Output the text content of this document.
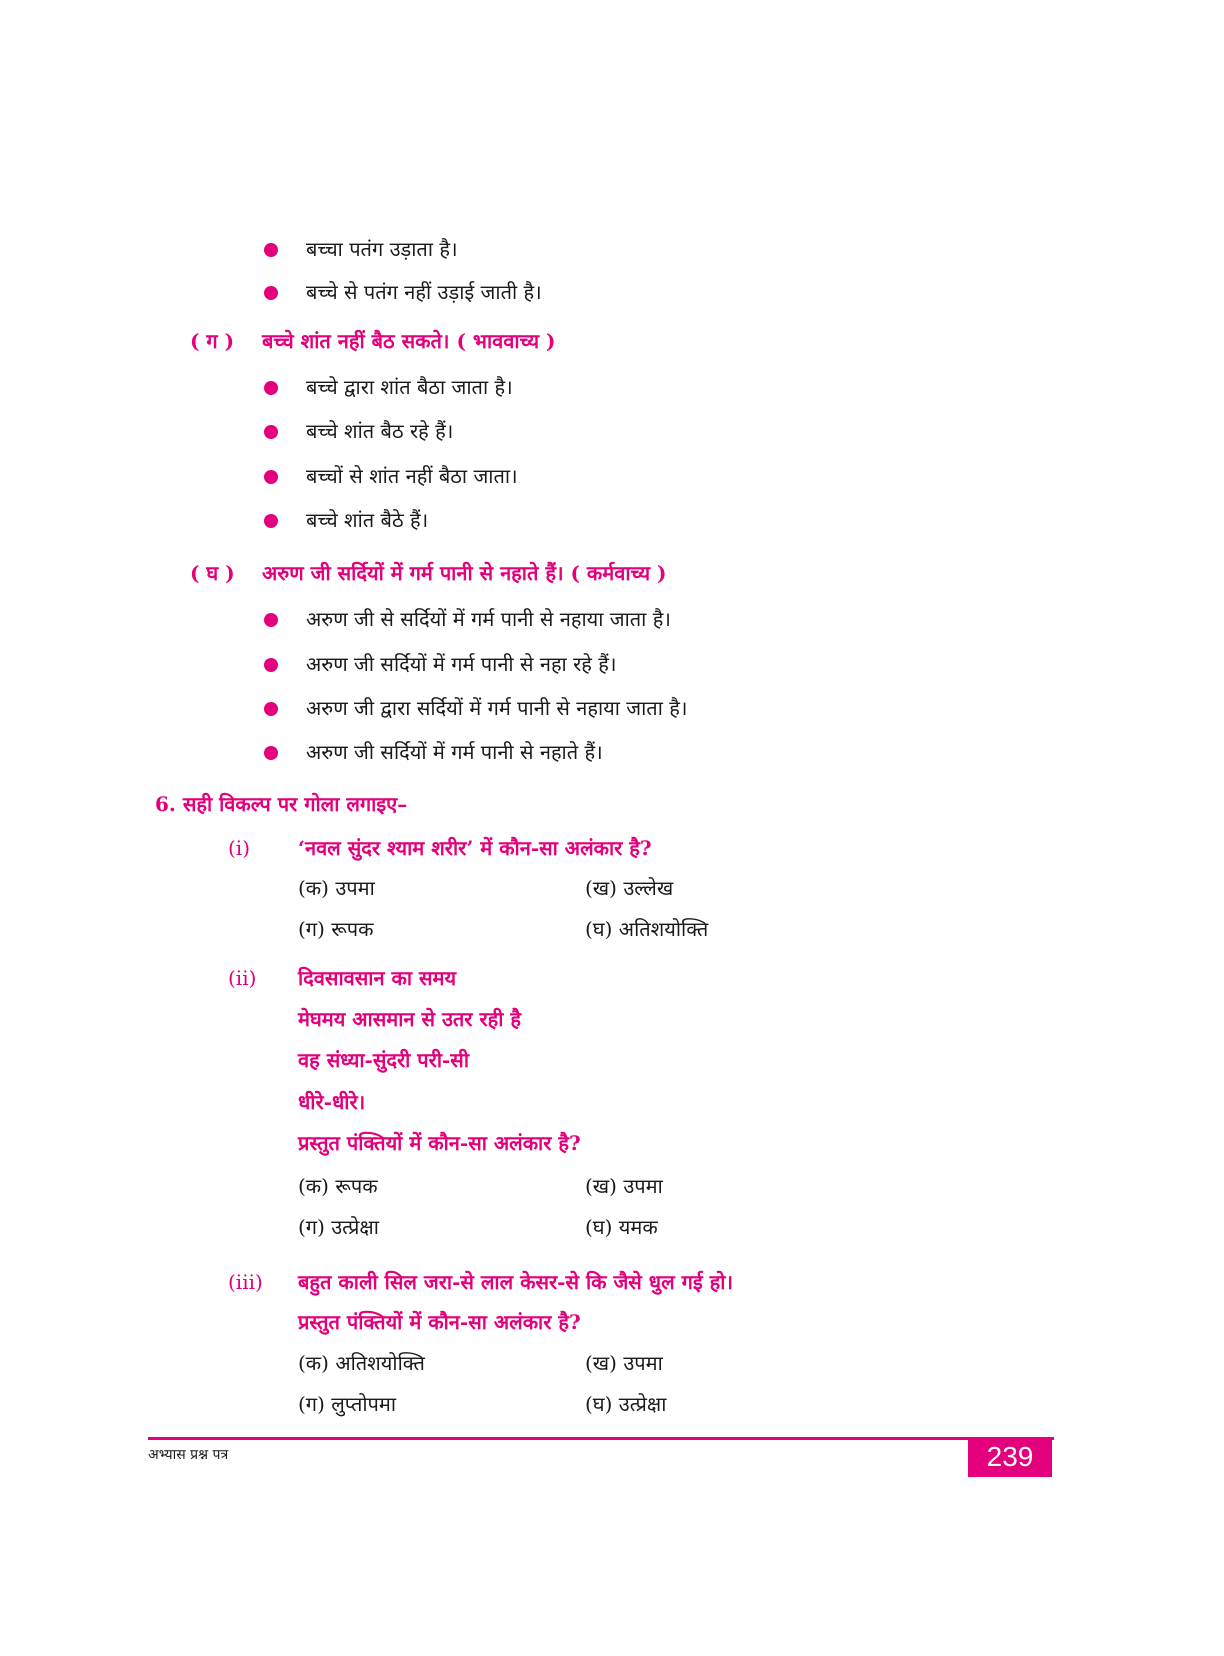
बच्चा पतंग उड़ाता है।
बच्चे से पतंग नहीं उड़ाई जाती है।
( ग ) बच्चे शांत नहीं बैठ सकते। ( भाववाच्य )
बच्चे द्वारा शांत बैठा जाता है।
बच्चे शांत बैठ रहे हैं।
बच्चों से शांत नहीं बैठा जाता।
बच्चे शांत बैठे हैं।
( घ ) अरुण जी सर्दियों में गर्म पानी से नहाते हैं। ( कर्मवाच्य )
अरुण जी से सर्दियों में गर्म पानी से नहाया जाता है।
अरुण जी सर्दियों में गर्म पानी से नहा रहे हैं।
अरुण जी द्वारा सर्दियों में गर्म पानी से नहाया जाता है।
अरुण जी सर्दियों में गर्म पानी से नहाते हैं।
6. सही विकल्प पर गोला लगाइए–
(i) ‘नवल सुंदर श्याम शरीर’ में कौन-सा अलंकार है?
(क) उपमा	(ख) उल्लेख
(ग) रूपक	(घ) अतिशयोक्ति
(ii) दिवसावसान का समय
मेघमय आसमान से उतर रही है
वह संध्या-सुंदरी परी-सी
धीरे-धीरे।
प्रस्तुत पंक्तियों में कौन-सा अलंकार है?
(क) रूपक	(ख) उपमा
(ग) उत्प्रेक्षा	(घ) यमक
(iii) बहुत काली सिल जरा-से लाल केसर-से कि जैसे धुल गई हो।
प्रस्तुत पंक्तियों में कौन-सा अलंकार है?
(क) अतिशयोक्ति	(ख) उपमा
(ग) लुप्तोपमा	(घ) उत्प्रेक्षा
अभ्यास प्रश्न पत्र	239
